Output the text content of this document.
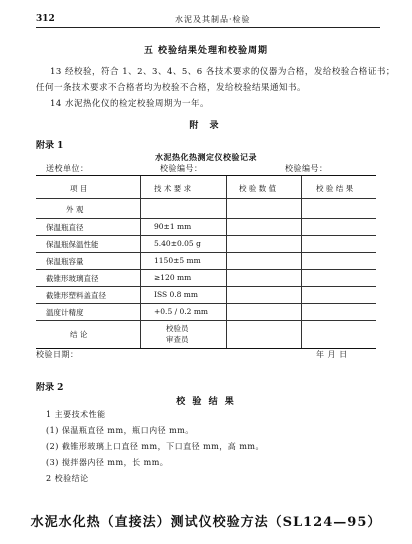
312	水泥及其制品·检验
五 校验结果处理和校验周期
13 经校验，符合 1、2、3、4、5、6 各技术要求的仪器为合格，发给校验合格证书；
任何一条技术要求不合格者均为校验不合格，发给校验结果通知书。
14 水泥热化仪的检定校验周期为一年。
附 录
附录 1
水泥热化热测定仪校验记录
送校单位：	校验编号：	校验编号：
项 目	技 术 要 求	校 验 数 值	校 验 结 果
外 观
保温瓶直径	90±1 mm
保温瓶保温性能	5.40±0.05 g
保温瓶容量	1150±5 mm
截锥形玻璃直径	≥120 mm
截锥形塑料盖直径	ISS 0.8 mm
温度计精度	+0.5 / 0.2 mm
结 论
校验员
审查员
校验日期：	年 月 日
附录 2
校 验 结 果
1 主要技术性能
(1) 保温瓶直径 mm，瓶口内径 mm。
(2) 截锥形玻璃上口直径 mm，下口直径 mm，高 mm。
(3) 搅拌器内径 mm，长 mm。
2 校验结论
水泥水化热（直接法）测试仪校验方法（SL124—95）
